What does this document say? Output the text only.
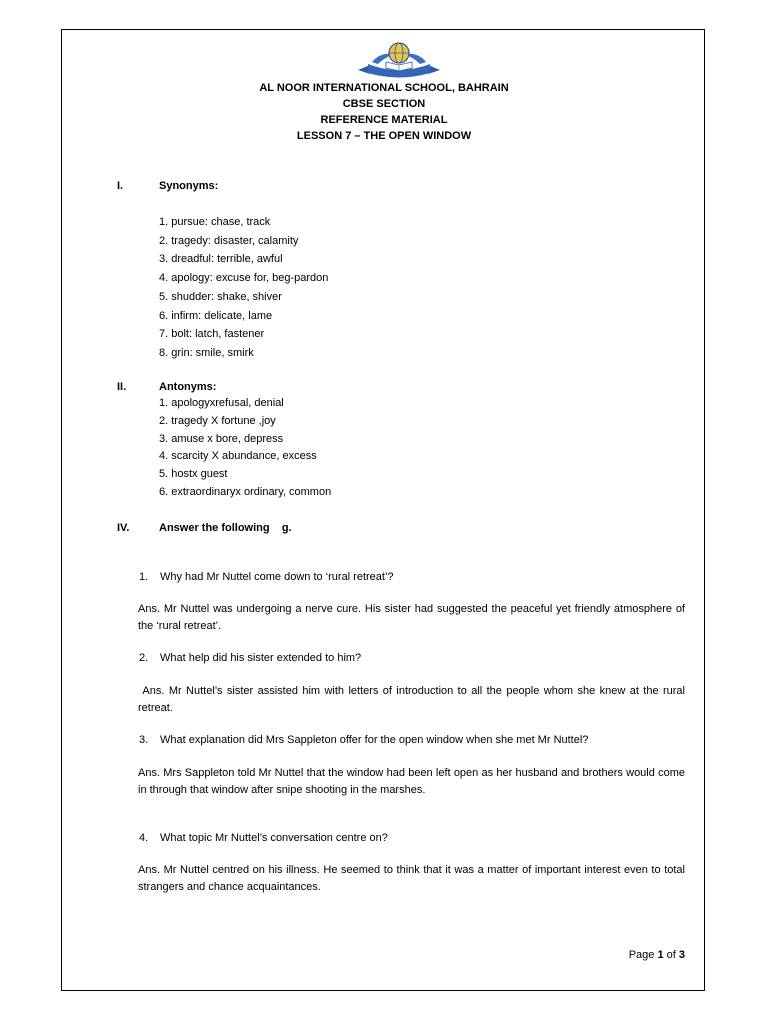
AL NOOR INTERNATIONAL SCHOOL, BAHRAIN
CBSE SECTION
REFERENCE MATERIAL
LESSON 7 – THE OPEN WINDOW
I.	Synonyms:
1. pursue: chase, track
2. tragedy: disaster, calamity
3. dreadful: terrible, awful
4. apology: excuse for, beg-pardon
5. shudder: shake, shiver
6. infirm: delicate, lame
7. bolt: latch, fastener
8. grin: smile, smirk
II.	Antonyms:
1. apologyxrefusal, denial
2. tragedy X fortune ,joy
3. amuse x bore, depress
4. scarcity X abundance, excess
5. hostx guest
6. extraordinaryx ordinary, common
IV.	Answer the following    g.
1. Why had Mr Nuttel come down to ‘rural retreat’?
Ans. Mr Nuttel was undergoing a nerve cure. His sister had suggested the peaceful yet friendly atmosphere of the ‘rural retreat’.
2. What help did his sister extended to him?
Ans. Mr Nuttel’s sister assisted him with letters of introduction to all the people whom she knew at the rural retreat.
3. What explanation did Mrs Sappleton offer for the open window when she met Mr Nuttel?
Ans. Mrs Sappleton told Mr Nuttel that the window had been left open as her husband and brothers would come in through that window after snipe shooting in the marshes.
4. What topic Mr Nuttel’s conversation centre on?
Ans. Mr Nuttel centred on his illness. He seemed to think that it was a matter of important interest even to total strangers and chance acquaintances.
Page 1 of 3
